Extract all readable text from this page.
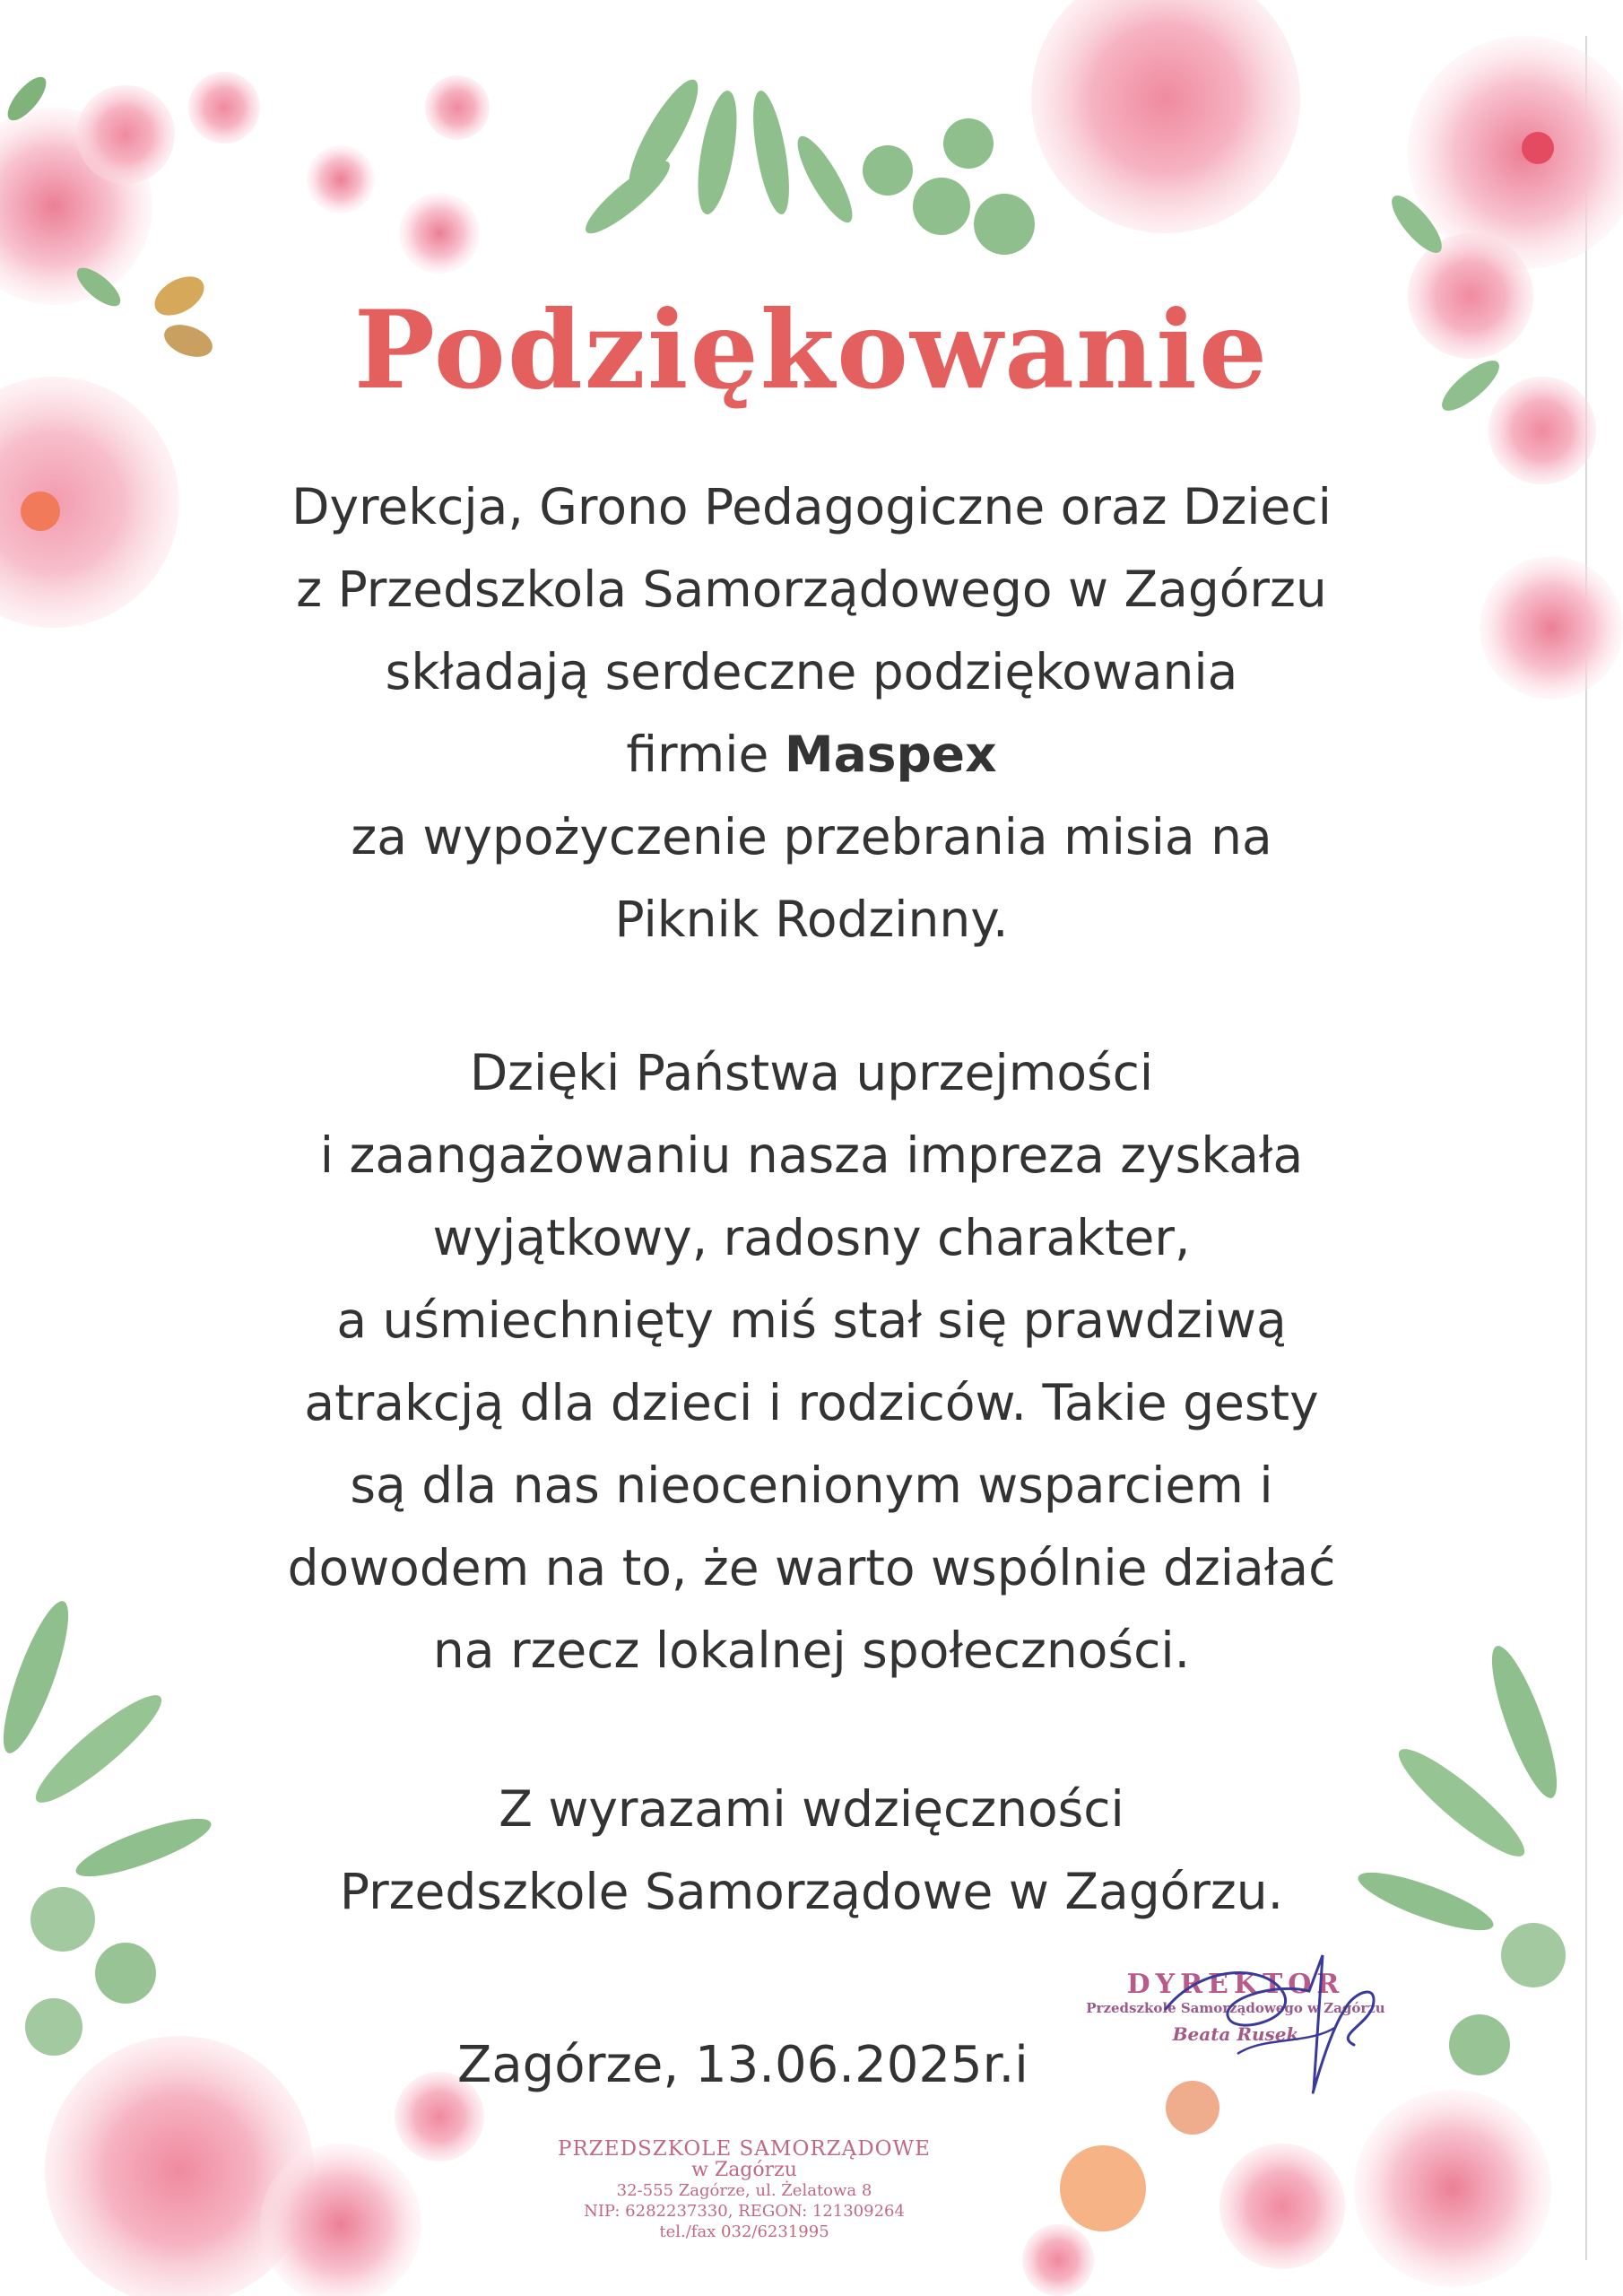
Podziękowanie
Dyrekcja, Grono Pedagogiczne oraz Dzieci
z Przedszkola Samorządowego w Zagórzu
składają serdeczne podziękowania
firmie Maspex
za wypożyczenie przebrania misia na
Piknik Rodzinny.
Dzięki Państwa uprzejmości
i zaangażowaniu nasza impreza zyskała
wyjątkowy, radosny charakter,
a uśmiechnięty miś stał się prawdziwą
atrakcją dla dzieci i rodziców. Takie gesty
są dla nas nieocenionym wsparciem i
dowodem na to, że warto wspólnie działać
na rzecz lokalnej społeczności.
Z wyrazami wdzięczności
Przedszkole Samorządowe w Zagórzu.
DYREKTOR
Przedszkole Samorządowego w Zagórzu
Beata Rusek
Zagórze, 13.06.2025r.i
PRZEDSZKOLE SAMORZĄDOWE
w Zagórzu
32-555 Zagórze, ul. Żelatowa 8
NIP: 6282237330, REGON: 121309264
tel./fax 032/6231995
